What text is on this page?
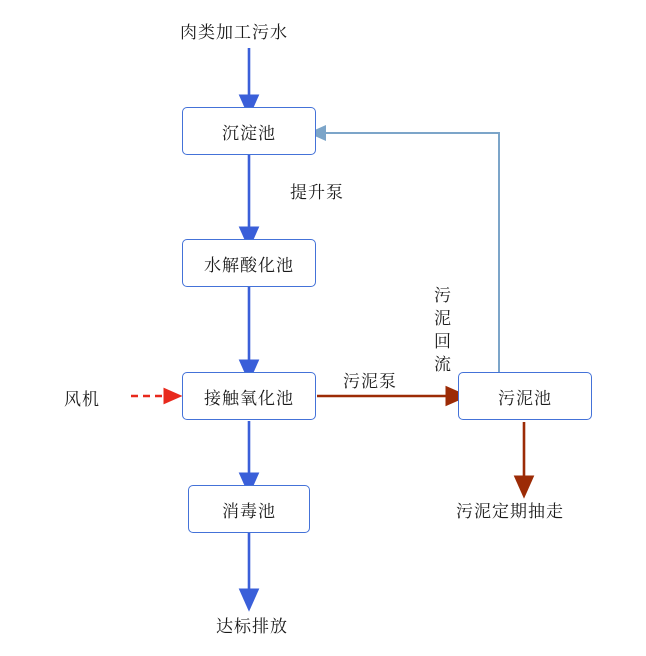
肉类加工污水
沉淀池
提升泵
水解酸化池
接触氧化池
风机
污泥泵
污泥回流
污泥池
污泥定期抽走
消毒池
达标排放
